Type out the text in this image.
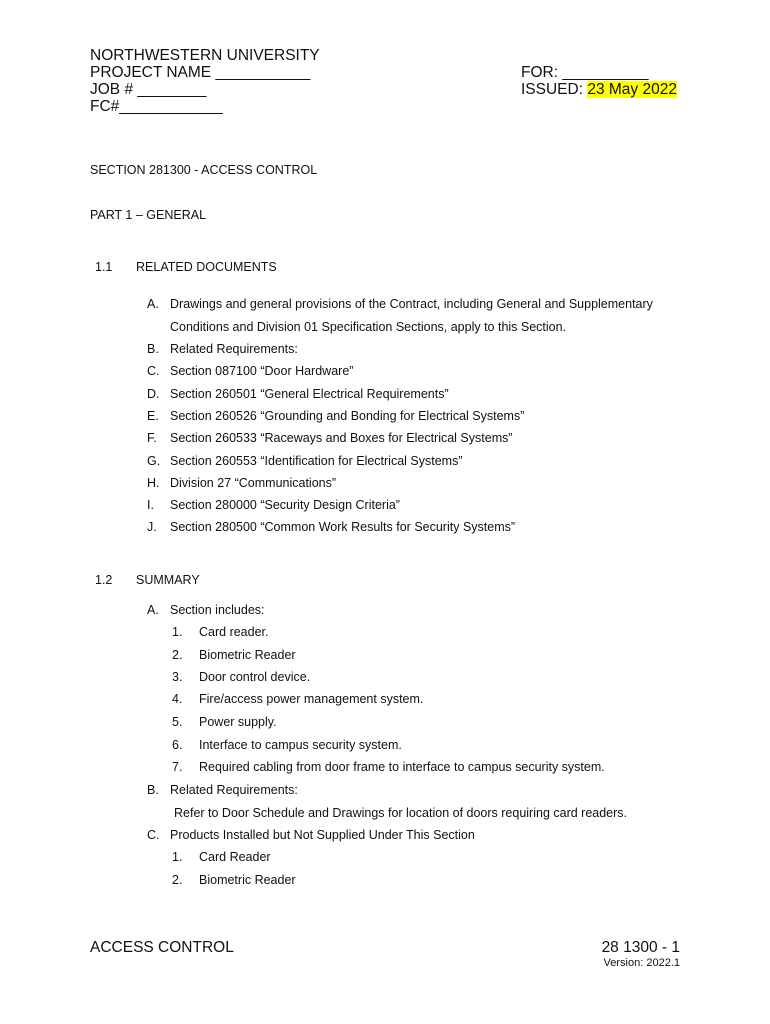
NORTHWESTERN UNIVERSITY
PROJECT NAME ___________
JOB # ________
FC#____________
FOR: __________
ISSUED: 23 May 2022
SECTION 281300 - ACCESS CONTROL
PART 1 – GENERAL
1.1 RELATED DOCUMENTS
A. Drawings and general provisions of the Contract, including General and Supplementary
Conditions and Division 01 Specification Sections, apply to this Section.
B. Related Requirements:
C. Section 087100 “Door Hardware”
D. Section 260501 “General Electrical Requirements”
E. Section 260526 “Grounding and Bonding for Electrical Systems”
F. Section 260533 “Raceways and Boxes for Electrical Systems”
G. Section 260553 “Identification for Electrical Systems”
H. Division 27 “Communications”
I. Section 280000 “Security Design Criteria”
J. Section 280500 “Common Work Results for Security Systems”
1.2 SUMMARY
A. Section includes:
1. Card reader.
2. Biometric Reader
3. Door control device.
4. Fire/access power management system.
5. Power supply.
6. Interface to campus security system.
7. Required cabling from door frame to interface to campus security system.
B. Related Requirements:
Refer to Door Schedule and Drawings for location of doors requiring card readers.
C. Products Installed but Not Supplied Under This Section
1. Card Reader
2. Biometric Reader
ACCESS CONTROL	28 1300 - 1
Version: 2022.1
